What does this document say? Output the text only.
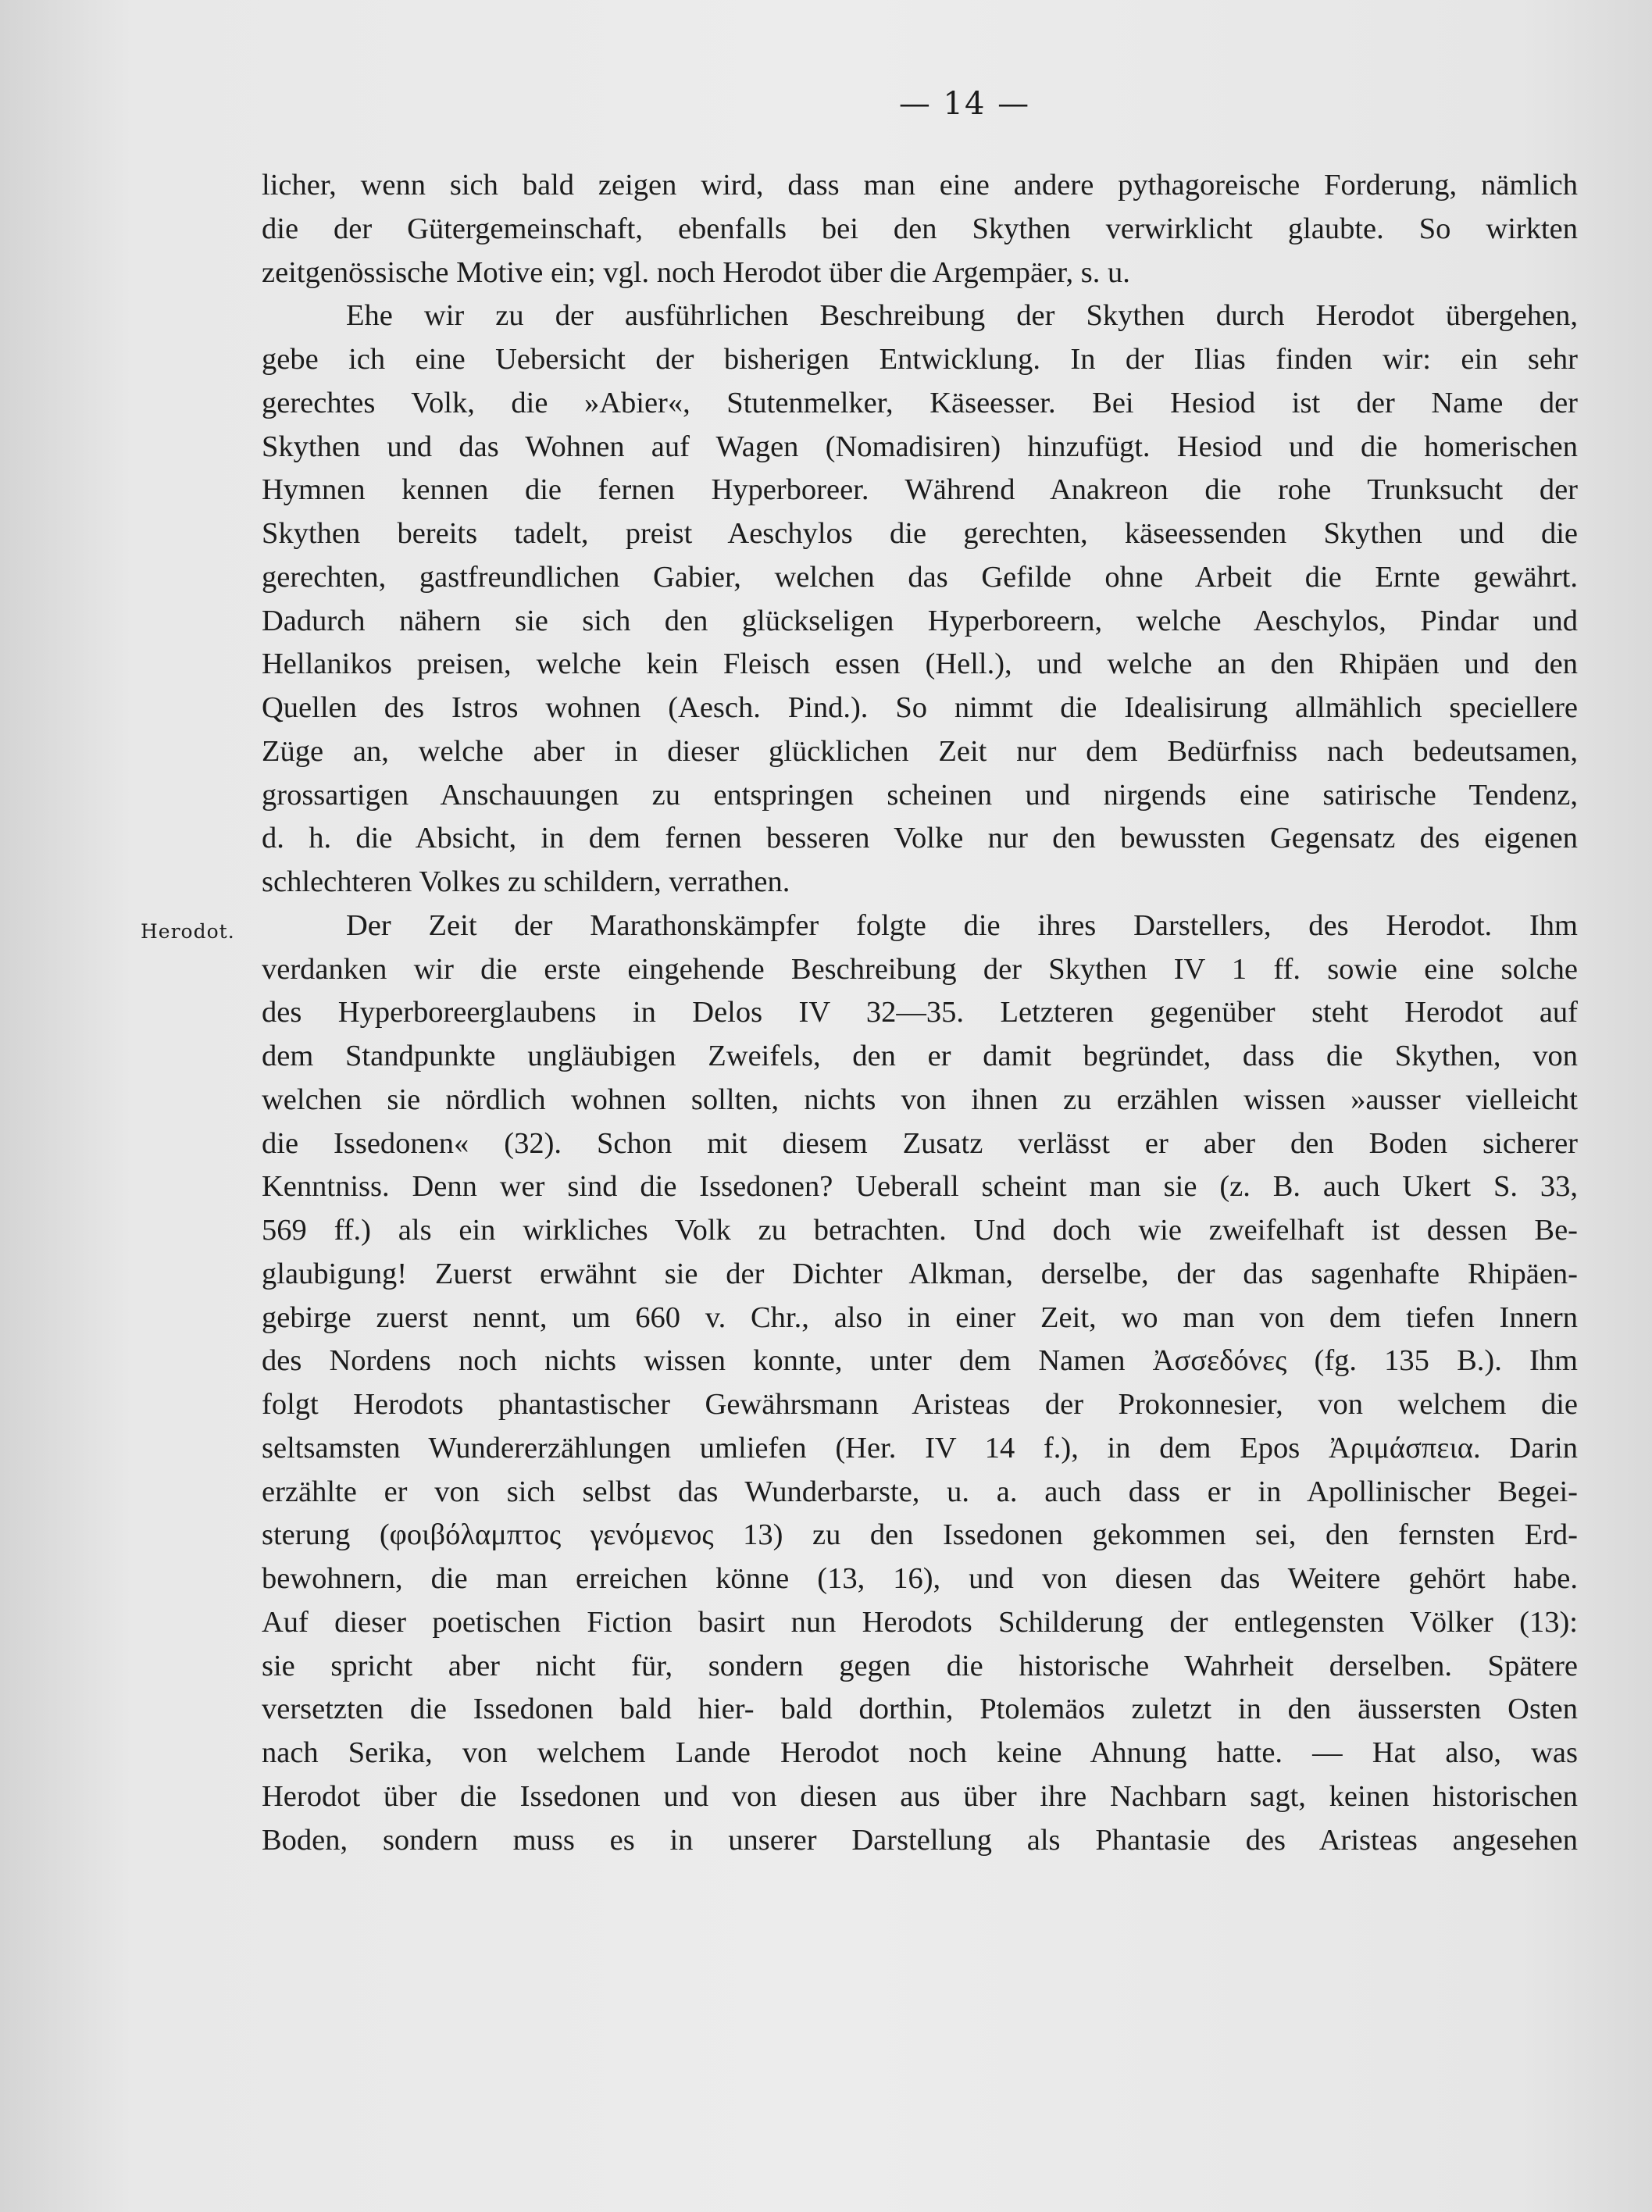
— 14 —
Herodot.
licher, wenn sich bald zeigen wird, dass man eine andere pythagoreische Forderung, nämlich
die der Gütergemeinschaft, ebenfalls bei den Skythen verwirklicht glaubte. So wirkten
zeitgenössische Motive ein; vgl. noch Herodot über die Argempäer, s. u.
Ehe wir zu der ausführlichen Beschreibung der Skythen durch Herodot übergehen,
gebe ich eine Uebersicht der bisherigen Entwicklung. In der Ilias finden wir: ein sehr
gerechtes Volk, die »Abier«, Stutenmelker, Käseesser. Bei Hesiod ist der Name der
Skythen und das Wohnen auf Wagen (Nomadisiren) hinzufügt. Hesiod und die homerischen
Hymnen kennen die fernen Hyperboreer. Während Anakreon die rohe Trunksucht der
Skythen bereits tadelt, preist Aeschylos die gerechten, käseessenden Skythen und die
gerechten, gastfreundlichen Gabier, welchen das Gefilde ohne Arbeit die Ernte gewährt.
Dadurch nähern sie sich den glückseligen Hyperboreern, welche Aeschylos, Pindar und
Hellanikos preisen, welche kein Fleisch essen (Hell.), und welche an den Rhipäen und den
Quellen des Istros wohnen (Aesch. Pind.). So nimmt die Idealisirung allmählich speciellere
Züge an, welche aber in dieser glücklichen Zeit nur dem Bedürfniss nach bedeutsamen,
grossartigen Anschauungen zu entspringen scheinen und nirgends eine satirische Tendenz,
d. h. die Absicht, in dem fernen besseren Volke nur den bewussten Gegensatz des eigenen
schlechteren Volkes zu schildern, verrathen.
Der Zeit der Marathonskämpfer folgte die ihres Darstellers, des Herodot. Ihm
verdanken wir die erste eingehende Beschreibung der Skythen IV 1 ff. sowie eine solche
des Hyperboreerglaubens in Delos IV 32—35. Letzteren gegenüber steht Herodot auf
dem Standpunkte ungläubigen Zweifels, den er damit begründet, dass die Skythen, von
welchen sie nördlich wohnen sollten, nichts von ihnen zu erzählen wissen »ausser vielleicht
die Issedonen« (32). Schon mit diesem Zusatz verlässt er aber den Boden sicherer
Kenntniss. Denn wer sind die Issedonen? Ueberall scheint man sie (z. B. auch Ukert S. 33,
569 ff.) als ein wirkliches Volk zu betrachten. Und doch wie zweifelhaft ist dessen Be-
glaubigung! Zuerst erwähnt sie der Dichter Alkman, derselbe, der das sagenhafte Rhipäen-
gebirge zuerst nennt, um 660 v. Chr., also in einer Zeit, wo man von dem tiefen Innern
des Nordens noch nichts wissen konnte, unter dem Namen Ἀσσεδόνες (fg. 135 B.). Ihm
folgt Herodots phantastischer Gewährsmann Aristeas der Prokonnesier, von welchem die
seltsamsten Wundererzählungen umliefen (Her. IV 14 f.), in dem Epos Ἀριμάσπεια. Darin
erzählte er von sich selbst das Wunderbarste, u. a. auch dass er in Apollinischer Begei-
sterung (φοιβόλαμπτος γενόμενος 13) zu den Issedonen gekommen sei, den fernsten Erd-
bewohnern, die man erreichen könne (13, 16), und von diesen das Weitere gehört habe.
Auf dieser poetischen Fiction basirt nun Herodots Schilderung der entlegensten Völker (13):
sie spricht aber nicht für, sondern gegen die historische Wahrheit derselben. Spätere
versetzten die Issedonen bald hier- bald dorthin, Ptolemäos zuletzt in den äussersten Osten
nach Serika, von welchem Lande Herodot noch keine Ahnung hatte. — Hat also, was
Herodot über die Issedonen und von diesen aus über ihre Nachbarn sagt, keinen historischen
Boden, sondern muss es in unserer Darstellung als Phantasie des Aristeas angesehen
